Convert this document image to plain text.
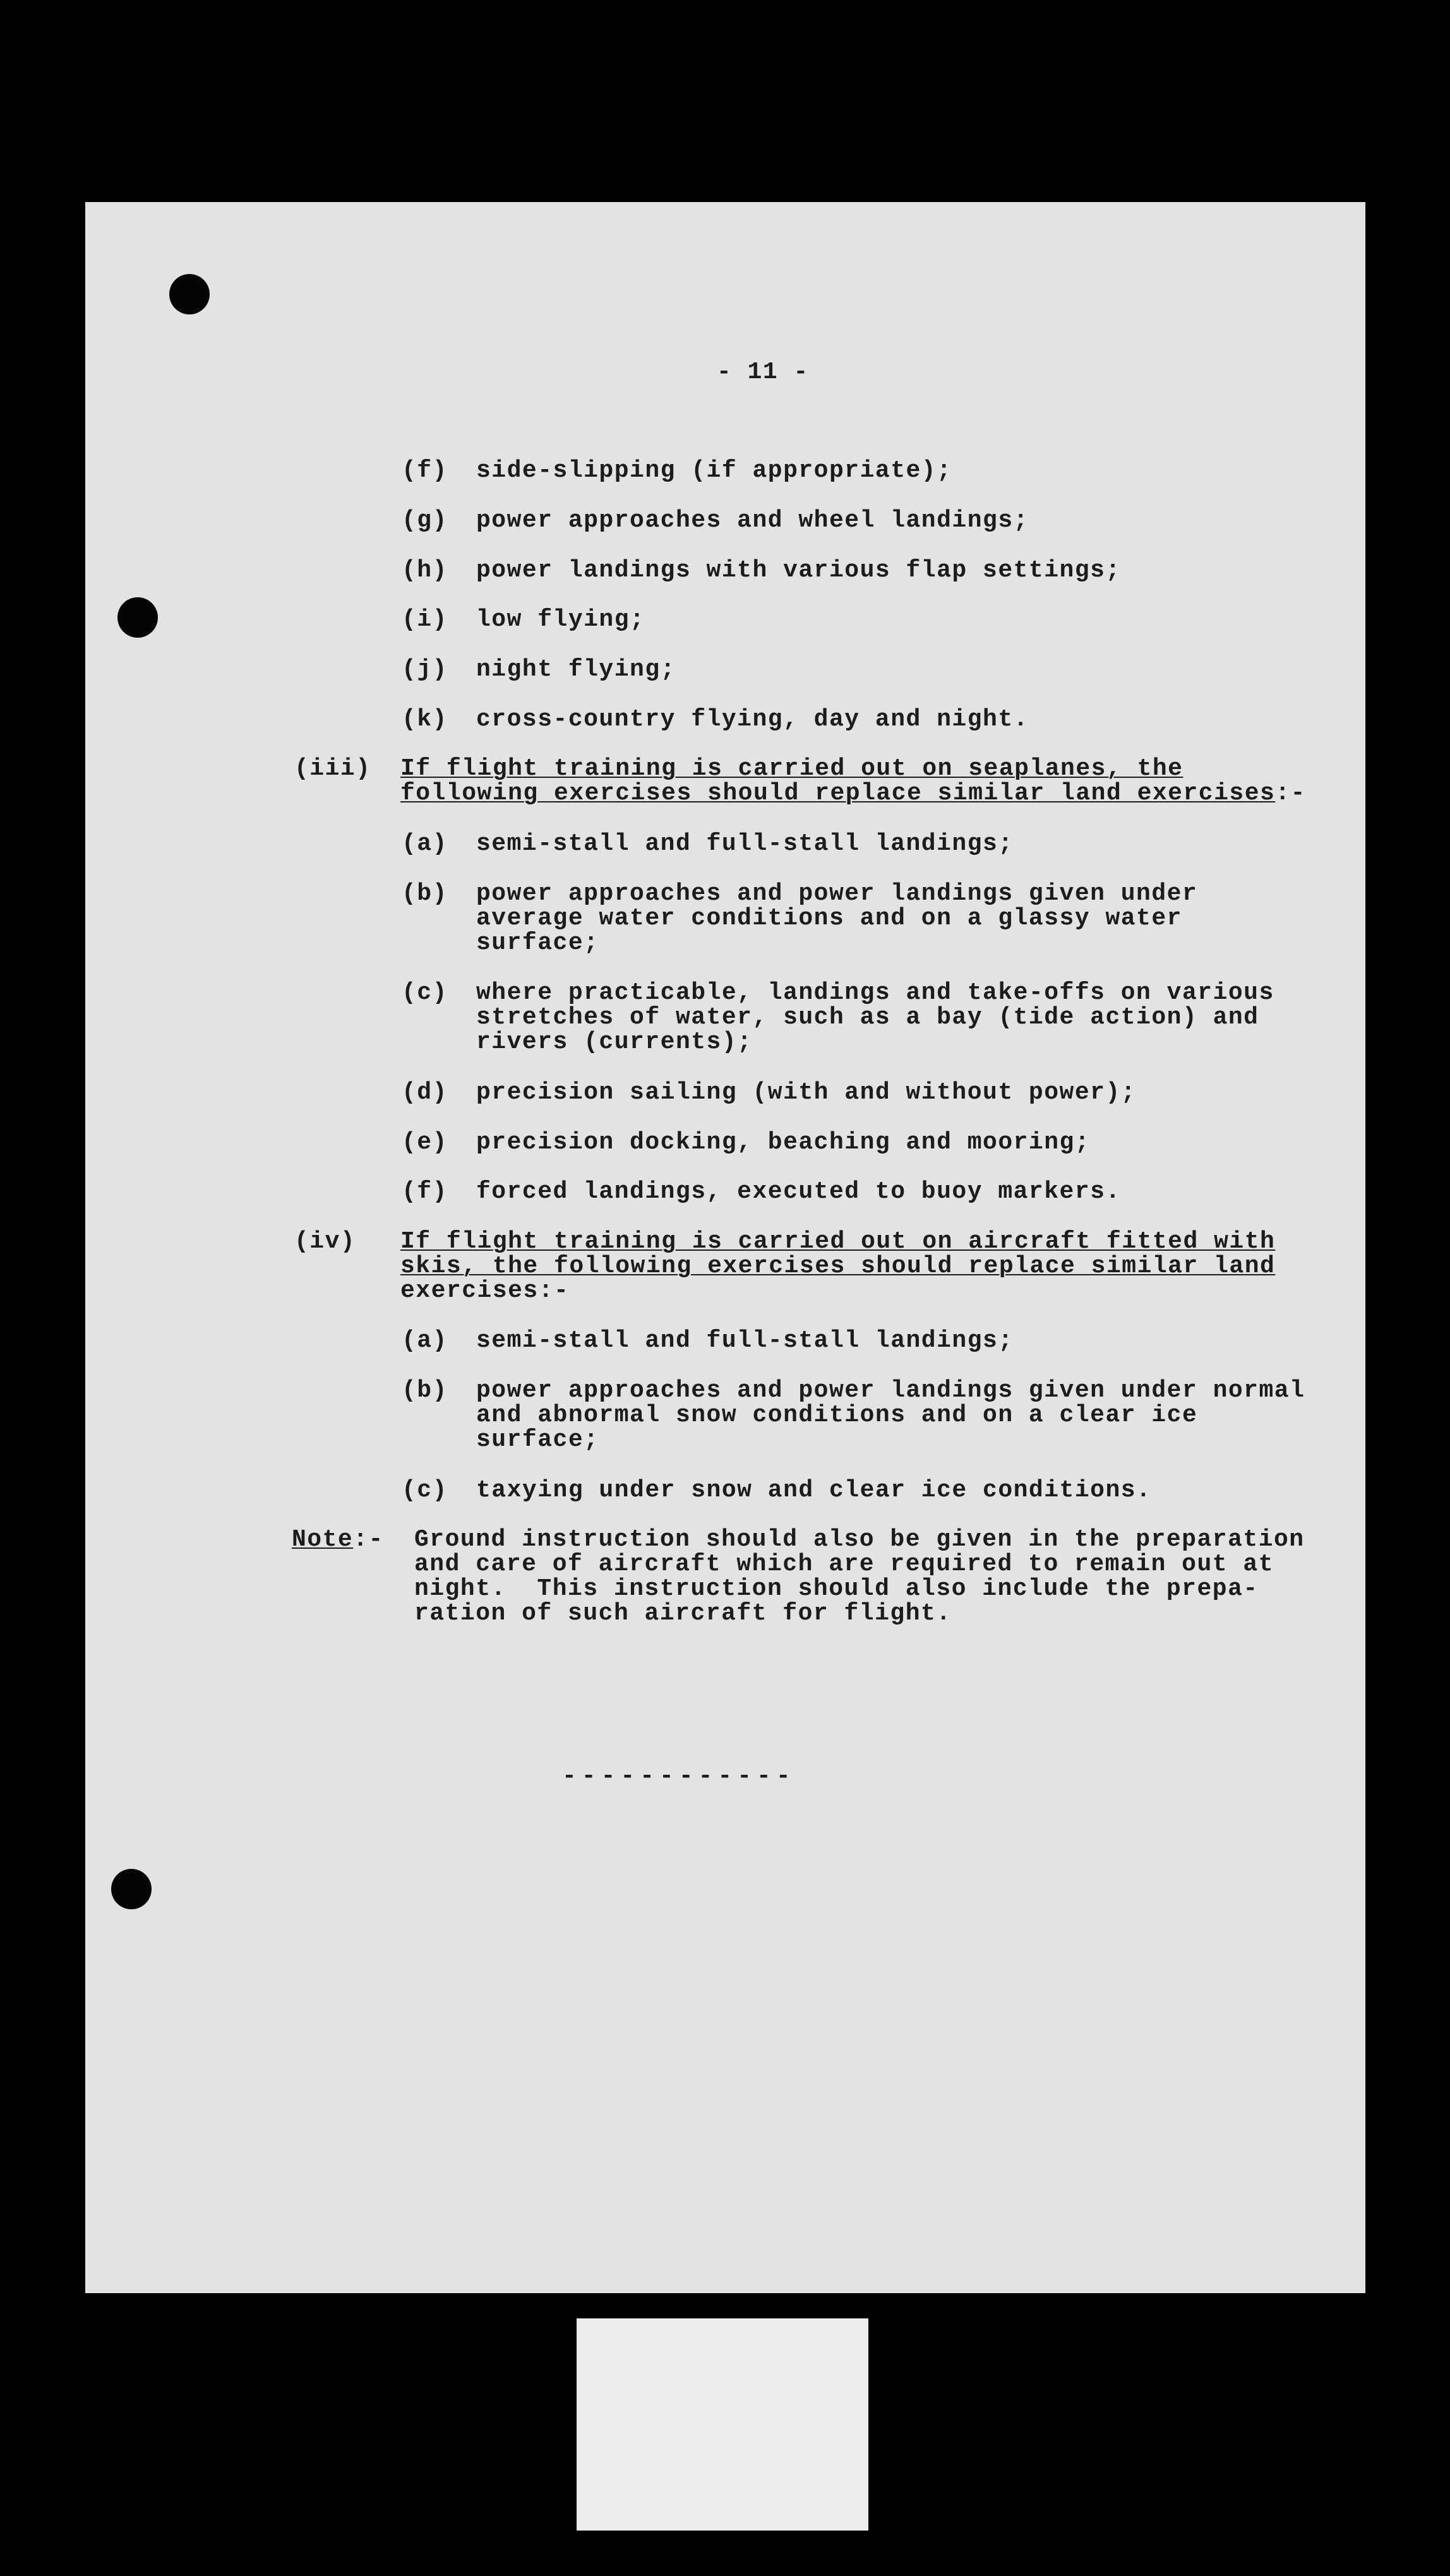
- 11 -
(f) side-slipping (if appropriate);
(g) power approaches and wheel landings;
(h) power landings with various flap settings;
(i) low flying;
(j) night flying;
(k) cross-country flying, day and night.
(iii) If flight training is carried out on seaplanes, the
following exercises should replace similar land exercises:-
(a) semi-stall and full-stall landings;
(b) power approaches and power landings given under
average water conditions and on a glassy water
surface;
(c) where practicable, landings and take-offs on various
stretches of water, such as a bay (tide action) and
rivers (currents);
(d) precision sailing (with and without power);
(e) precision docking, beaching and mooring;
(f) forced landings, executed to buoy markers.
(iv) If flight training is carried out on aircraft fitted with
skis, the following exercises should replace similar land
exercises:-
(a) semi-stall and full-stall landings;
(b) power approaches and power landings given under normal
and abnormal snow conditions and on a clear ice
surface;
(c) taxying under snow and clear ice conditions.
Note:- Ground instruction should also be given in the preparation
and care of aircraft which are required to remain out at
night.  This instruction should also include the prepa-
ration of such aircraft for flight.
------------
